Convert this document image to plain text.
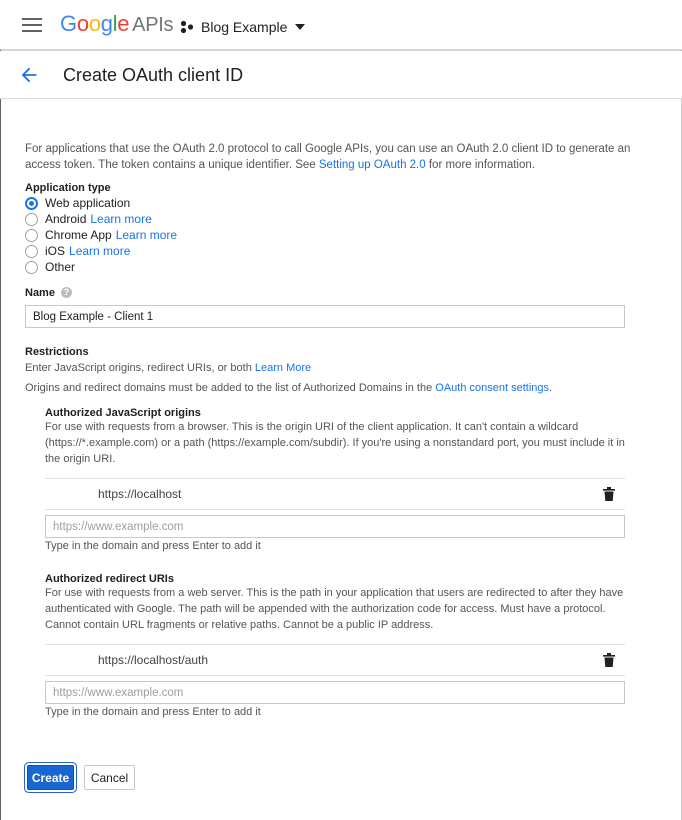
Google APIs Blog Example
Create OAuth client ID
For applications that use the OAuth 2.0 protocol to call Google APIs, you can use an OAuth 2.0 client ID to generate an access token. The token contains a unique identifier. See Setting up OAuth 2.0 for more information.
Application type
Web application
Android Learn more
Chrome App Learn more
iOS Learn more
Other
Name ?
Blog Example - Client 1
Restrictions
Enter JavaScript origins, redirect URIs, or both Learn More
Origins and redirect domains must be added to the list of Authorized Domains in the OAuth consent settings.
Authorized JavaScript origins
For use with requests from a browser. This is the origin URI of the client application. It can't contain a wildcard (https://*.example.com) or a path (https://example.com/subdir). If you're using a nonstandard port, you must include it in the origin URI.
https://localhost
https://www.example.com
Type in the domain and press Enter to add it
Authorized redirect URIs
For use with requests from a web server. This is the path in your application that users are redirected to after they have authenticated with Google. The path will be appended with the authorization code for access. Must have a protocol. Cannot contain URL fragments or relative paths. Cannot be a public IP address.
https://localhost/auth
https://www.example.com
Type in the domain and press Enter to add it
Create	Cancel
